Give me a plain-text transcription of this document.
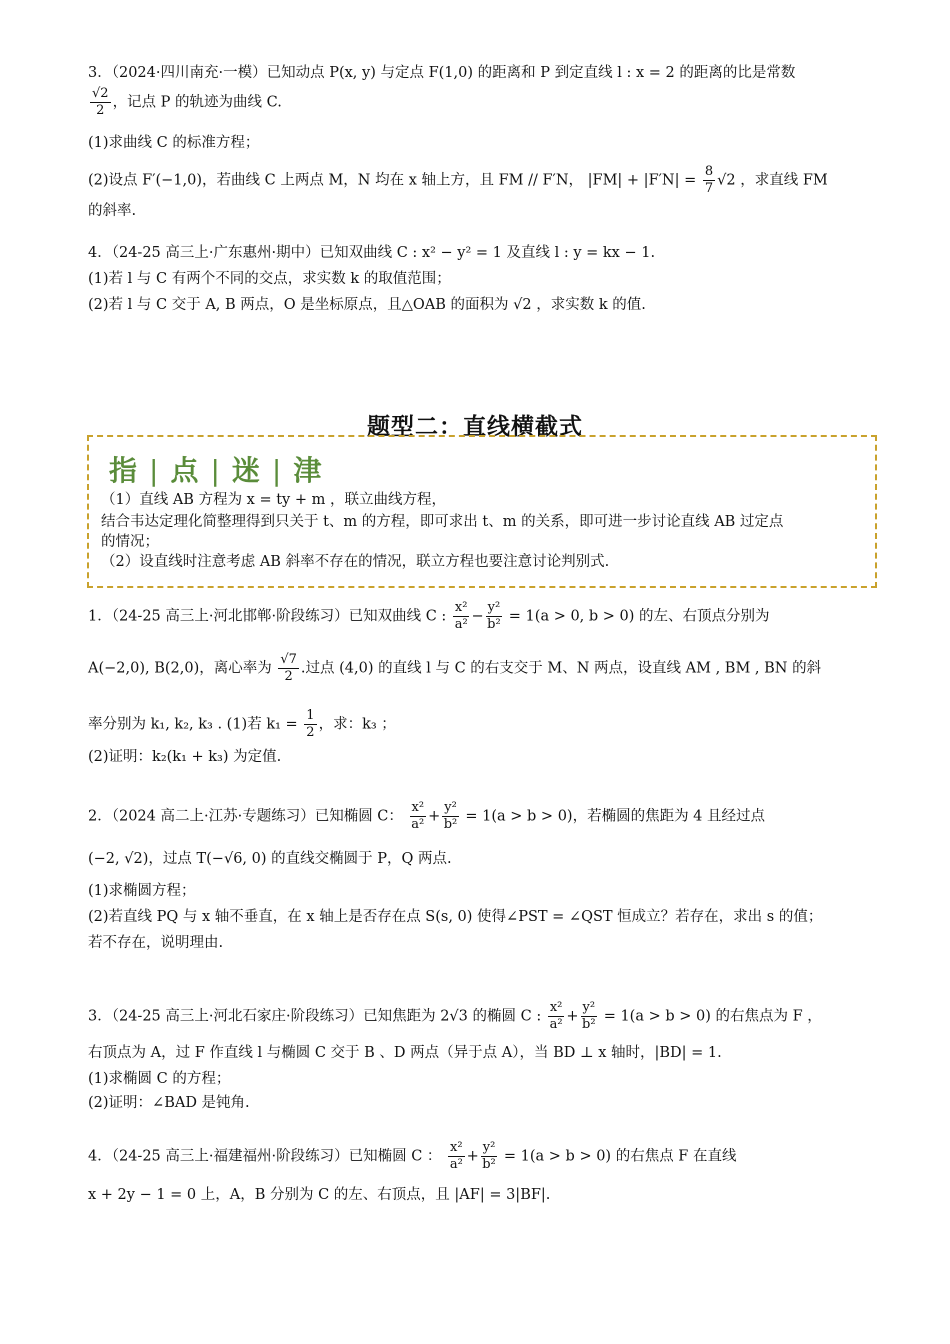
3．（2024·四川南充·一模）已知动点 P(x, y) 与定点 F(1,0) 的距离和 P 到定直线 l : x = 2 的距离的比是常数
$\frac{√2}{2}$ ，记点 P 的轨迹为曲线 C.
(1)求曲线 C 的标准方程；
(2)设点 F′(−1,0)，若曲线 C 上两点 M，N 均在 x 轴上方，且 FM // F′N， $|FM| + |F'N| = \frac{8}{7} √2$ ，求直线 FM
的斜率.
4．（24-25 高三上·广东惠州·期中）已知双曲线 C : x² − y² = 1 及直线 l : y = kx − 1.
(1)若 l 与 C 有两个不同的交点，求实数 k 的取值范围；
(2)若 l 与 C 交于 A, B 两点，O 是坐标原点，且△OAB 的面积为 √2 ，求实数 k 的值.
题型二：直线横截式
指 | 点 | 迷 | 津
（1）直线 AB 方程为 x = ty + m ，联立曲线方程，
结合韦达定理化简整理得到只关于 t、m 的方程，即可求出 t、m 的关系，即可进一步讨论直线 AB 过定点
的情况；
（2）设直线时注意考虑 AB 斜率不存在的情况，联立方程也要注意讨论判别式.
1．（24-25 高三上·河北邯郸·阶段练习）已知双曲线 C : $\frac{\text{x²}}{\text{a²}} - \frac{\text{y²}}{\text{b²}} = 1(a > 0$, b > 0) 的左、右顶点分别为
A(−2,0), B(2,0)，离心率为 $\frac{√7}{2}$ .过点 (4,0) 的直线 l 与 C 的右支交于 M、N 两点，设直线 AM , BM , BN 的斜
率分别为 k₁, k₂, k₃ . (1)若 $k_1 = \frac{1}{2}$ ，求：k₃ ；
(2)证明：k₂(k₁ + k₃) 为定值.
2．（2024 高二上·江苏·专题练习）已知椭圆 C： $\frac{\text{x²}}{\text{a²}} + \frac{\text{y²}}{\text{b²}} = 1(a > b > 0)$，若椭圆的焦距为 4 且经过点
(−2, √2)，过点 T(−√6, 0) 的直线交椭圆于 P，Q 两点.
(1)求椭圆方程；
(2)若直线 PQ 与 x 轴不垂直，在 x 轴上是否存在点 S(s, 0) 使得∠PST = ∠QST 恒成立？若存在，求出 s 的值；
若不存在，说明理由.
3．（24-25 高三上·河北石家庄·阶段练习）已知焦距为 2√3 的椭圆 C : $\frac{\text{x²}}{\text{a²}} + \frac{\text{y²}}{\text{b²}} = 1(a > b > 0)$ 的右焦点为 F ，
右顶点为 A，过 F 作直线 l 与椭圆 C 交于 B 、D 两点（异于点 A），当 BD ⊥ x 轴时，|BD| = 1.
(1)求椭圆 C 的方程；
(2)证明：∠BAD 是钝角.
4．（24-25 高三上·福建福州·阶段练习）已知椭圆 C ： $\frac{\text{x²}}{\text{a²}} + \frac{\text{y²}}{\text{b²}} = 1(a > b > 0)$ 的右焦点 F 在直线
x + 2y − 1 = 0 上，A，B 分别为 C 的左、右顶点，且 |AF| = 3|BF|.
